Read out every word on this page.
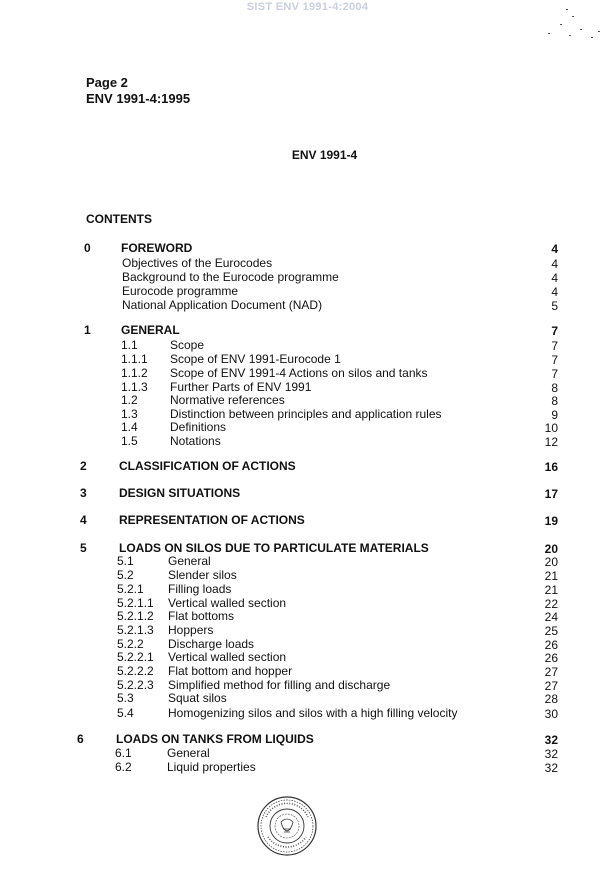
SIST ENV 1991-4:2004
Page 2
ENV 1991-4:1995
ENV 1991-4
CONTENTS
0	FOREWORD	4
Objectives of the Eurocodes	4
Background to the Eurocode programme	4
Eurocode programme	4
National Application Document (NAD)	5
1	GENERAL	7
1.1	Scope	7
1.1.1 Scope of ENV 1991-Eurocode 1	7
1.1.2 Scope of ENV 1991-4 Actions on silos and tanks	7
1.1.3 Further Parts of ENV 1991	8
1.2	Normative references	8
1.3	Distinction between principles and application rules	9
1.4	Definitions	10
1.5	Notations	12
2	CLASSIFICATION OF ACTIONS	16
3	DESIGN SITUATIONS	17
4	REPRESENTATION OF ACTIONS	19
5	LOADS ON SILOS DUE TO PARTICULATE MATERIALS	20
5.1	General	20
5.2	Slender silos	21
5.2.1 Filling loads	21
5.2.1.1 Vertical walled section	22
5.2.1.2 Flat bottoms	24
5.2.1.3 Hoppers	25
5.2.2 Discharge loads	26
5.2.2.1 Vertical walled section	26
5.2.2.2 Flat bottom and hopper	27
5.2.2.3 Simplified method for filling and discharge	27
5.3	Squat silos	28
5.4	Homogenizing silos and silos with a high filling velocity	30
6	LOADS ON TANKS FROM LIQUIDS	32
6.1	General	32
6.2	Liquid properties	32
